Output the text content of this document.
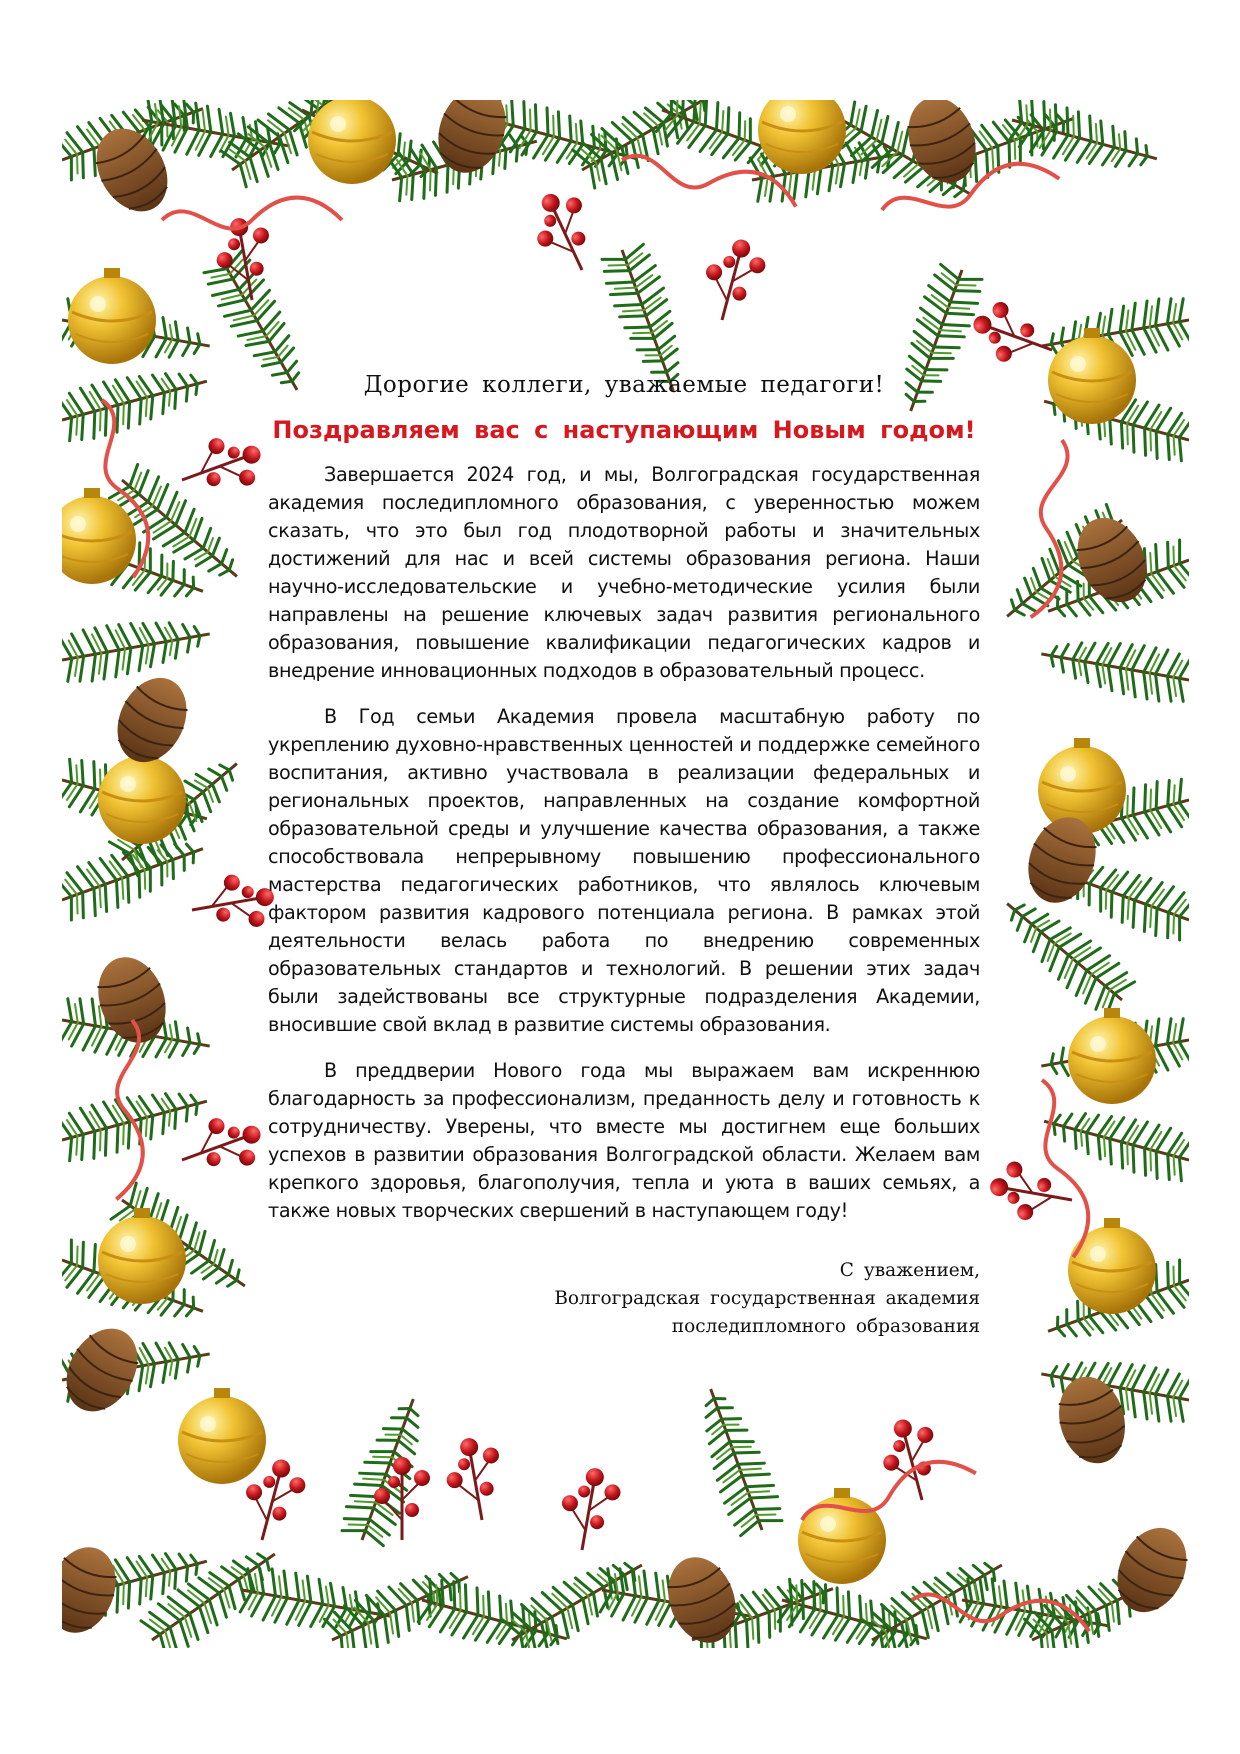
Дорогие коллеги, уважаемые педагоги!
Поздравляем вас с наступающим Новым годом!

Завершается 2024 год, и мы, Волгоградская государственная академия последипломного образования, с уверенностью можем сказать, что это был год плодотворной работы и значительных достижений для нас и всей системы образования региона. Наши научно-исследовательские и учебно-методические усилия были направлены на решение ключевых задач развития регионального образования, повышение квалификации педагогических кадров и внедрение инновационных подходов в образовательный процесс.

В Год семьи Академия провела масштабную работу по укреплению духовно-нравственных ценностей и поддержке семейного воспитания, активно участвовала в реализации федеральных и региональных проектов, направленных на создание комфортной образовательной среды и улучшение качества образования, а также способствовала непрерывному повышению профессионального мастерства педагогических работников, что являлось ключевым фактором развития кадрового потенциала региона. В рамках этой деятельности велась работа по внедрению современных образовательных стандартов и технологий. В решении этих задач были задействованы все структурные подразделения Академии, вносившие свой вклад в развитие системы образования.

В преддверии Нового года мы выражаем вам искреннюю благодарность за профессионализм, преданность делу и готовность к сотрудничеству. Уверены, что вместе мы достигнем еще больших успехов в развитии образования Волгоградской области. Желаем вам крепкого здоровья, благополучия, тепла и уюта в ваших семьях, а также новых творческих свершений в наступающем году!

С уважением,
Волгоградская государственная академия
последипломного образования
